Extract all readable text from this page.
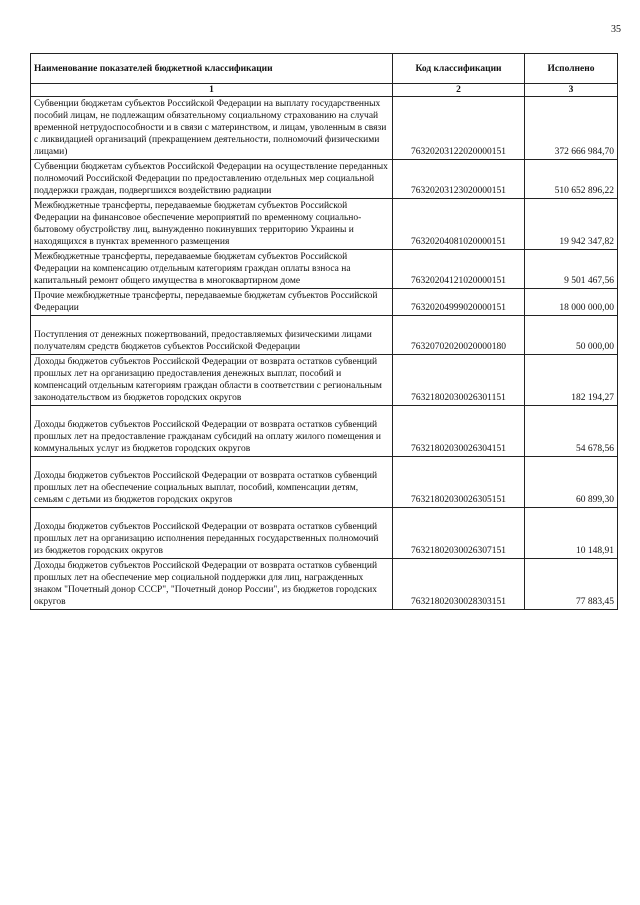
35
Наименование показателей бюджетной классификации	Код классификации	Исполнено
1	2	3
Субвенции бюджетам субъектов Российской Федерации на выплату государственных пособий лицам, не подлежащим обязательному социальному страхованию на случай временной нетрудоспособности и в связи с материнством, и лицам, уволенным в связи с ликвидацией организаций (прекращением деятельности, полномочий физическими лицами)	76320203122020000151	372 666 984,70
Субвенции бюджетам субъектов Российской Федерации на осуществление переданных полномочий Российской Федерации по предоставлению отдельных мер социальной поддержки граждан, подвергшихся воздействию радиации	76320203123020000151	510 652 896,22
Межбюджетные трансферты, передаваемые бюджетам субъектов Российской Федерации на финансовое обеспечение мероприятий по временному социально-бытовому обустройству лиц, вынужденно покинувших территорию Украины и находящихся в пунктах временного размещения	76320204081020000151	19 942 347,82
Межбюджетные трансферты, передаваемые бюджетам субъектов Российской Федерации на компенсацию отдельным категориям граждан оплаты взноса на капитальный ремонт общего имущества в многоквартирном доме	76320204121020000151	9 501 467,56
Прочие межбюджетные трансферты, передаваемые бюджетам субъектов Российской Федерации	76320204999020000151	18 000 000,00

Поступления от денежных пожертвований, предоставляемых физическими лицами получателям средств бюджетов субъектов Российской Федерации	76320702020020000180	50 000,00
Доходы бюджетов субъектов Российской Федерации от возврата остатков субвенций прошлых лет на организацию предоставления денежных выплат, пособий и компенсаций отдельным категориям граждан области в соответствии с региональным законодательством из бюджетов городских округов	76321802030026301151	182 194,27

Доходы бюджетов субъектов Российской Федерации от возврата остатков субвенций прошлых лет на предоставление гражданам субсидий на оплату жилого помещения и коммунальных услуг из бюджетов городских округов	76321802030026304151	54 678,56

Доходы бюджетов субъектов Российской Федерации от возврата остатков субвенций прошлых лет на обеспечение социальных выплат, пособий, компенсации детям, семьям с детьми из бюджетов городских округов	76321802030026305151	60 899,30

Доходы бюджетов субъектов Российской Федерации от возврата остатков субвенций прошлых лет на организацию исполнения переданных государственных полномочий из бюджетов городских округов	76321802030026307151	10 148,91
Доходы бюджетов субъектов Российской Федерации от возврата остатков субвенций прошлых лет на обеспечение мер социальной поддержки для лиц, награжденных знаком "Почетный донор СССР", "Почетный донор России", из бюджетов городских округов	76321802030028303151	77 883,45
